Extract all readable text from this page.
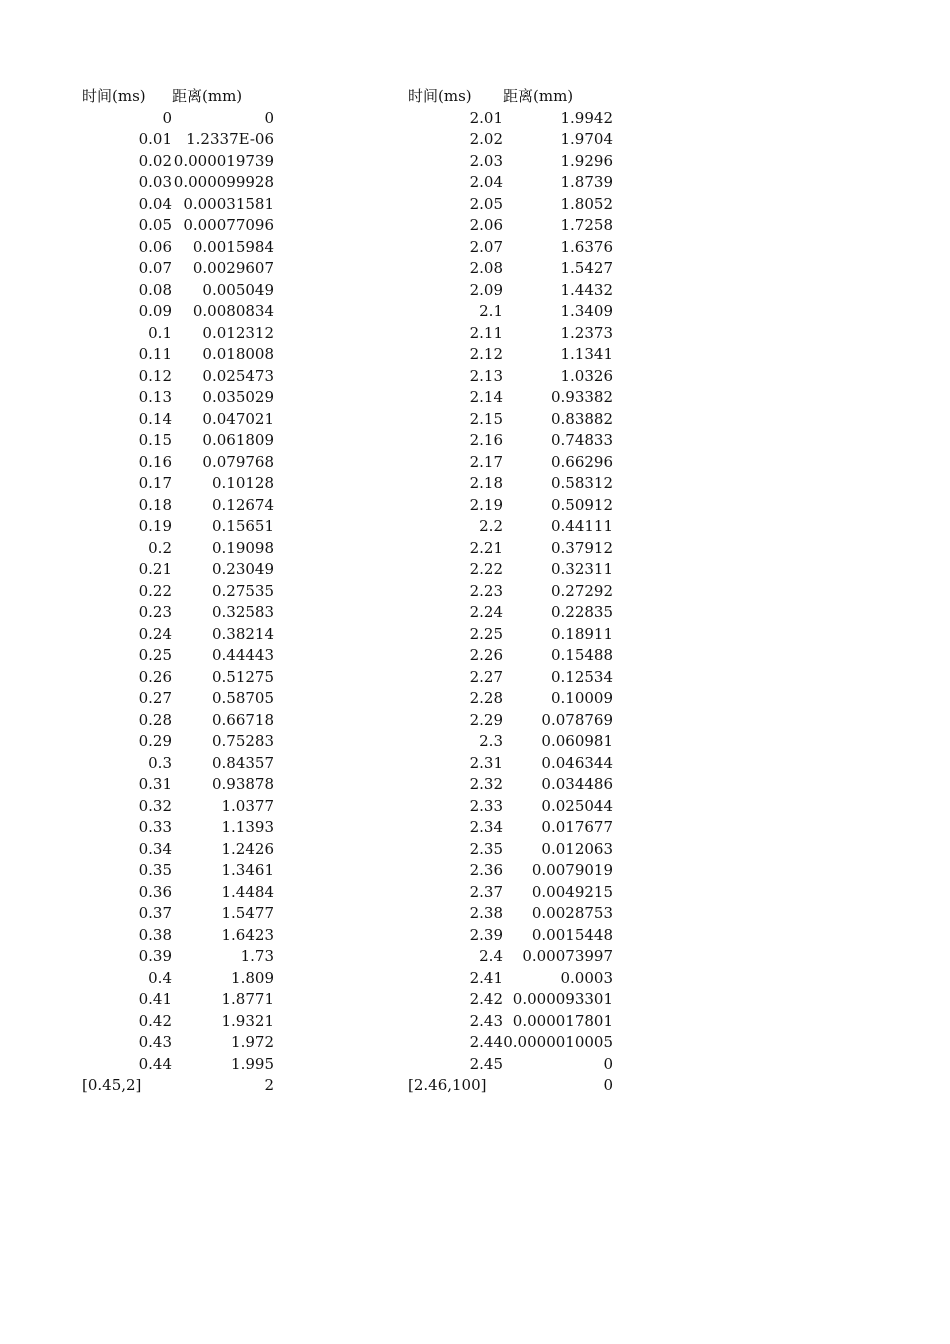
时间(ms)	距离(mm)
0	0
0.01	1.2337E-06
0.02	0.000019739
0.03	0.000099928
0.04	0.00031581
0.05	0.00077096
0.06	0.0015984
0.07	0.0029607
0.08	0.005049
0.09	0.0080834
0.1	0.012312
0.11	0.018008
0.12	0.025473
0.13	0.035029
0.14	0.047021
0.15	0.061809
0.16	0.079768
0.17	0.10128
0.18	0.12674
0.19	0.15651
0.2	0.19098
0.21	0.23049
0.22	0.27535
0.23	0.32583
0.24	0.38214
0.25	0.44443
0.26	0.51275
0.27	0.58705
0.28	0.66718
0.29	0.75283
0.3	0.84357
0.31	0.93878
0.32	1.0377
0.33	1.1393
0.34	1.2426
0.35	1.3461
0.36	1.4484
0.37	1.5477
0.38	1.6423
0.39	1.73
0.4	1.809
0.41	1.8771
0.42	1.9321
0.43	1.972
0.44	1.995
[0.45,2]	2
时间(ms)	距离(mm)
2.01	1.9942
2.02	1.9704
2.03	1.9296
2.04	1.8739
2.05	1.8052
2.06	1.7258
2.07	1.6376
2.08	1.5427
2.09	1.4432
2.1	1.3409
2.11	1.2373
2.12	1.1341
2.13	1.0326
2.14	0.93382
2.15	0.83882
2.16	0.74833
2.17	0.66296
2.18	0.58312
2.19	0.50912
2.2	0.44111
2.21	0.37912
2.22	0.32311
2.23	0.27292
2.24	0.22835
2.25	0.18911
2.26	0.15488
2.27	0.12534
2.28	0.10009
2.29	0.078769
2.3	0.060981
2.31	0.046344
2.32	0.034486
2.33	0.025044
2.34	0.017677
2.35	0.012063
2.36	0.0079019
2.37	0.0049215
2.38	0.0028753
2.39	0.0015448
2.4	0.00073997
2.41	0.0003
2.42	0.000093301
2.43	0.000017801
2.44	0.0000010005
2.45	0
[2.46,100]	0
